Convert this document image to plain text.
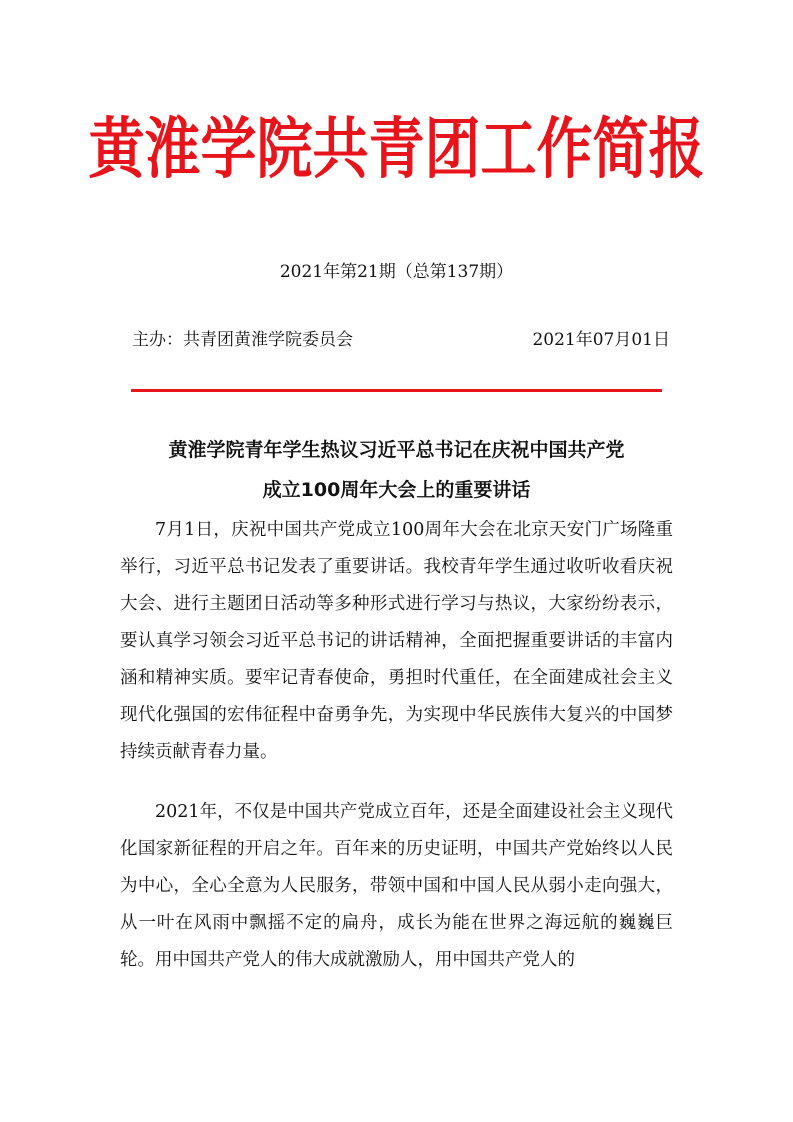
黄淮学院共青团工作简报
2021年第21期（总第137期）
主办：共青团黄淮学院委员会	2021年07月01日
黄淮学院青年学生热议习近平总书记在庆祝中国共产党
成立100周年大会上的重要讲话

7月1日，庆祝中国共产党成立100周年大会在北京天安门广场隆重举行，习近平总书记发表了重要讲话。我校青年学生通过收听收看庆祝大会、进行主题团日活动等多种形式进行学习与热议，大家纷纷表示，要认真学习领会习近平总书记的讲话精神，全面把握重要讲话的丰富内涵和精神实质。要牢记青春使命，勇担时代重任，在全面建成社会主义现代化强国的宏伟征程中奋勇争先，为实现中华民族伟大复兴的中国梦持续贡献青春力量。

2021年，不仅是中国共产党成立百年，还是全面建设社会主义现代化国家新征程的开启之年。百年来的历史证明，中国共产党始终以人民为中心，全心全意为人民服务，带领中国和中国人民从弱小走向强大，从一叶在风雨中飘摇不定的扁舟，成长为能在世界之海远航的巍巍巨轮。用中国共产党人的伟大成就激励人，用中国共产党人的
